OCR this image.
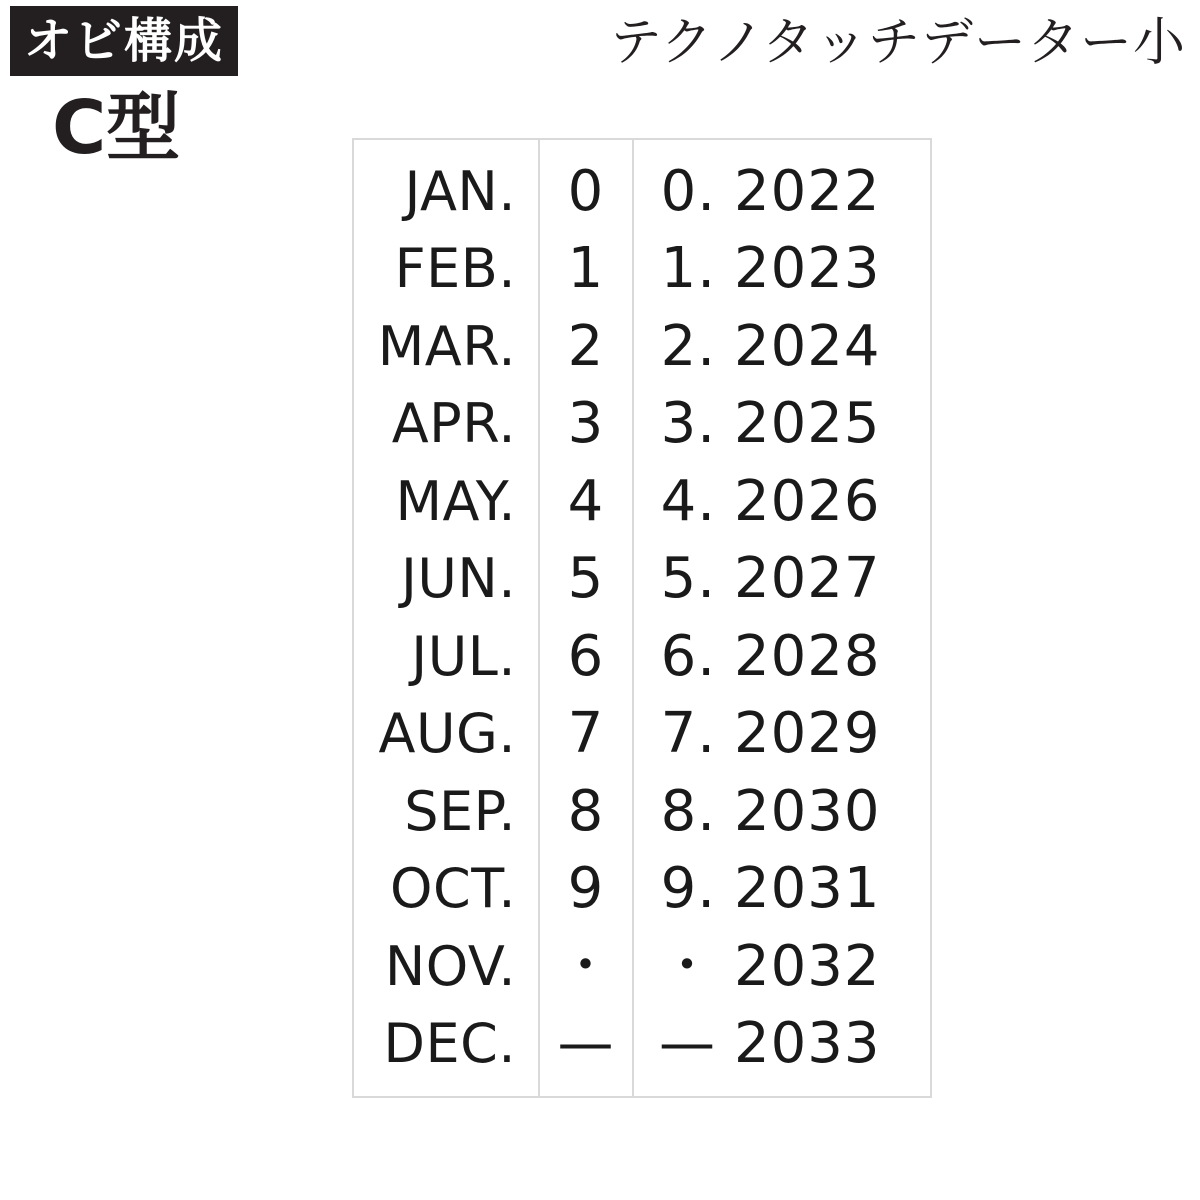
オビ構成
C型
テクノタッチデーター小
JAN.
FEB.
MAR.
APR.
MAY.
JUN.
JUL.
AUG.
SEP.
OCT.
NOV.
DEC.
0
1
2
3
4
5
6
7
8
9
・
—
0.
1.
2.
3.
4.
5.
6.
7.
8.
9.
・
—
2022
2023
2024
2025
2026
2027
2028
2029
2030
2031
2032
2033
